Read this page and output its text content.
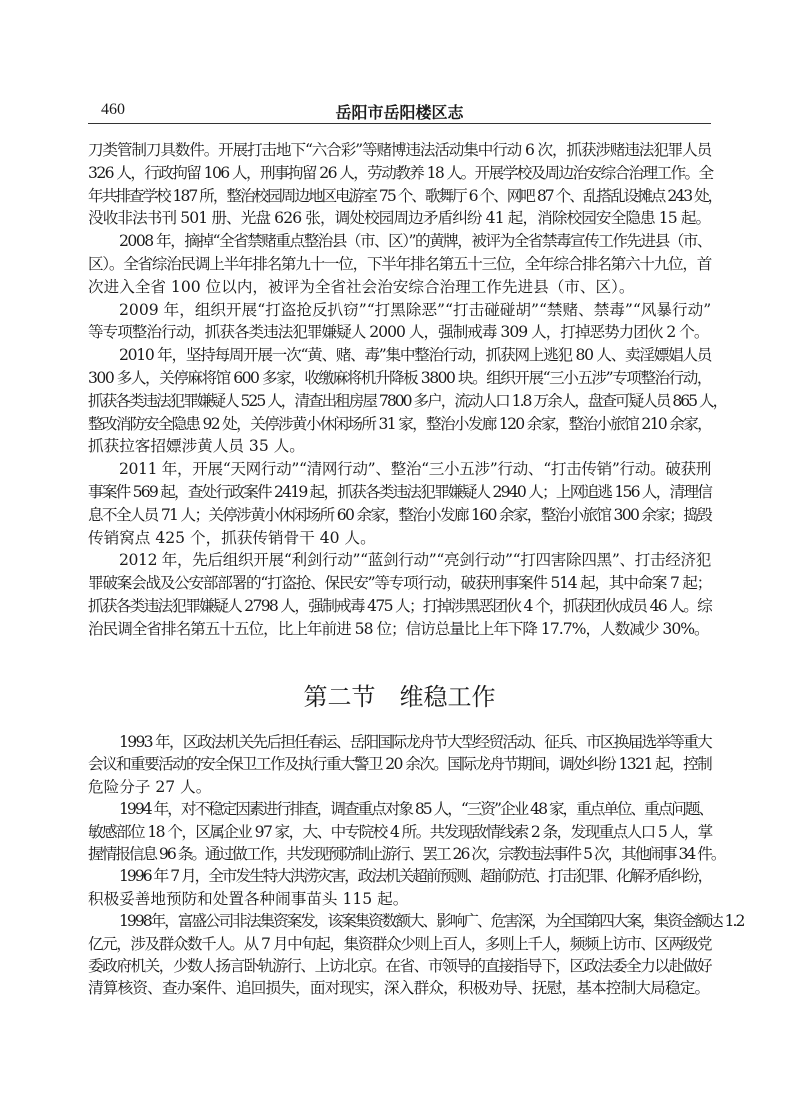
460	岳阳市岳阳楼区志
刀类管制刀具数件。开展打击地下“六合彩”等赌博违法活动集中行动 6 次，抓获涉赌违法犯罪人员
326 人，行政拘留 106 人，刑事拘留 26 人，劳动教养 18 人。开展学校及周边治安综合治理工作。全
年共排查学校 187 所，整治校园周边地区电游室 75 个、歌舞厅 6 个、网吧 87 个、乱搭乱设摊点 243 处，
没收非法书刊 501 册、光盘 626 张，调处校园周边矛盾纠纷 41 起，消除校园安全隐患 15 起。
2008 年，摘掉“全省禁赌重点整治县（市、区）”的黄牌，被评为全省禁毒宣传工作先进县（市、
区）。全省综治民调上半年排名第九十一位，下半年排名第五十三位，全年综合排名第六十九位，首
次进入全省 100 位以内，被评为全省社会治安综合治理工作先进县（市、区）。
2009 年，组织开展“打盗抢反扒窃”“打黑除恶”“打击碰碰胡”“禁赌、禁毒”“风暴行动”
等专项整治行动，抓获各类违法犯罪嫌疑人 2000 人，强制戒毒 309 人，打掉恶势力团伙 2 个。
2010 年，坚持每周开展一次“黄、赌、毒”集中整治行动，抓获网上逃犯 80 人、卖淫嫖娼人员
300 多人，关停麻将馆 600 多家，收缴麻将机升降板 3800 块。组织开展“三小五涉”专项整治行动，
抓获各类违法犯罪嫌疑人 525 人，清查出租房屋 7800 多户，流动人口 1.8 万余人，盘查可疑人员 865 人，
整改消防安全隐患 92 处，关停涉黄小休闲场所 31 家，整治小发廊 120 余家，整治小旅馆 210 余家，
抓获拉客招嫖涉黄人员 35 人。
2011 年，开展“天网行动”“清网行动”、整治“三小五涉”行动、“打击传销”行动。破获刑
事案件 569 起，查处行政案件 2419 起，抓获各类违法犯罪嫌疑人 2940 人；上网追逃 156 人，清理信
息不全人员 71 人；关停涉黄小休闲场所 60 余家，整治小发廊 160 余家，整治小旅馆 300 余家；捣毁
传销窝点 425 个，抓获传销骨干 40 人。
2012 年，先后组织开展“利剑行动”“蓝剑行动”“亮剑行动”“打四害除四黑”、打击经济犯
罪破案会战及公安部部署的“打盗抢、保民安”等专项行动，破获刑事案件 514 起，其中命案 7 起；
抓获各类违法犯罪嫌疑人 2798 人，强制戒毒 475 人；打掉涉黑恶团伙 4 个，抓获团伙成员 46 人。综
治民调全省排名第五十五位，比上年前进 58 位；信访总量比上年下降 17.7%，人数减少 30%。
第二节　维稳工作
1993 年，区政法机关先后担任春运、岳阳国际龙舟节大型经贸活动、征兵、市区换届选举等重大
会议和重要活动的安全保卫工作及执行重大警卫 20 余次。国际龙舟节期间，调处纠纷 1321 起，控制
危险分子 27 人。
1994 年，对不稳定因素进行排查，调查重点对象 85 人，“三资”企业 48 家，重点单位、重点问题、
敏感部位 18 个，区属企业 97 家，大、中专院校 4 所。共发现敌情线索 2 条，发现重点人口 5 人，掌
握情报信息 96 条。通过做工作，共发现预防制止游行、罢工 26 次，宗教违法事件 5 次，其他闹事 34 件。
1996 年 7 月，全市发生特大洪涝灾害，政法机关超前预测、超前防范、打击犯罪、化解矛盾纠纷，
积极妥善地预防和处置各种闹事苗头 115 起。
1998年，富盛公司非法集资案发，该案集资数额大、影响广、危害深，为全国第四大案，集资金额达 1.2
亿元，涉及群众数千人。从 7 月中旬起，集资群众少则上百人，多则上千人，频频上访市、区两级党
委政府机关，少数人扬言卧轨游行、上访北京。在省、市领导的直接指导下，区政法委全力以赴做好
清算核资、查办案件、追回损失，面对现实，深入群众，积极劝导、抚慰，基本控制大局稳定。
